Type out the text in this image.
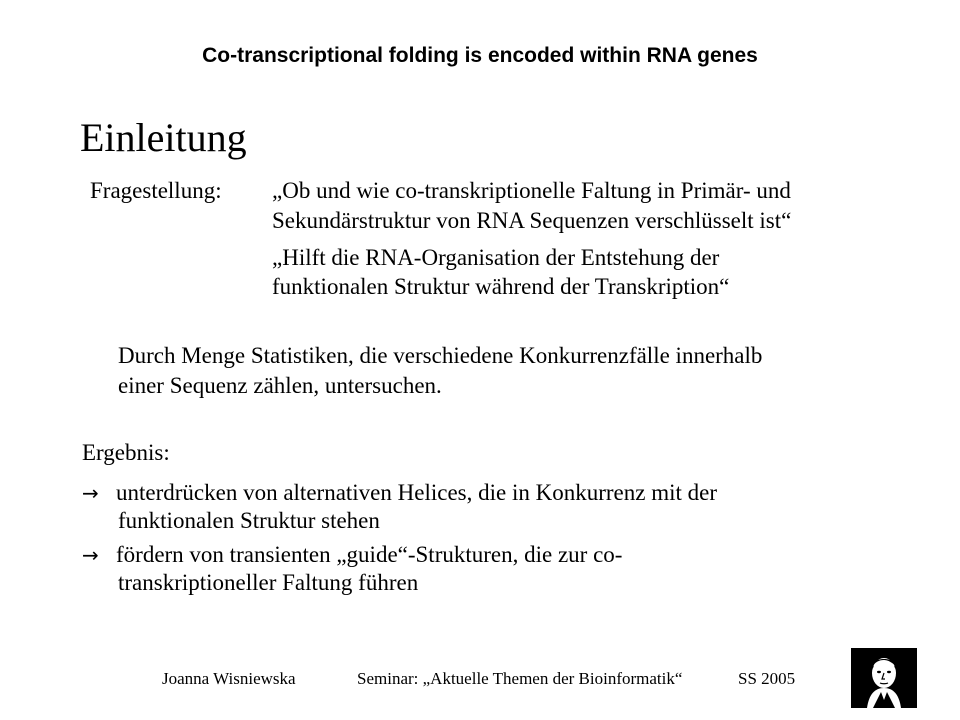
Co-transcriptional folding is encoded within RNA genes
Einleitung
Fragestellung: „Ob und wie co-transkriptionelle Faltung in Primär- und
Sekundärstruktur von RNA Sequenzen verschlüsselt ist“
„Hilft die RNA-Organisation der Entstehung der
funktionalen Struktur während der Transkription“
Durch Menge Statistiken, die verschiedene Konkurrenzfälle innerhalb
einer Sequenz zählen, untersuchen.
Ergebnis:
→ unterdrücken von alternativen Helices, die in Konkurrenz mit der
funktionalen Struktur stehen
→ fördern von transienten „guide“-Strukturen, die zur co-
transkriptioneller Faltung führen
Joanna Wisniewska	Seminar: „Aktuelle Themen der Bioinformatik“	SS 2005
